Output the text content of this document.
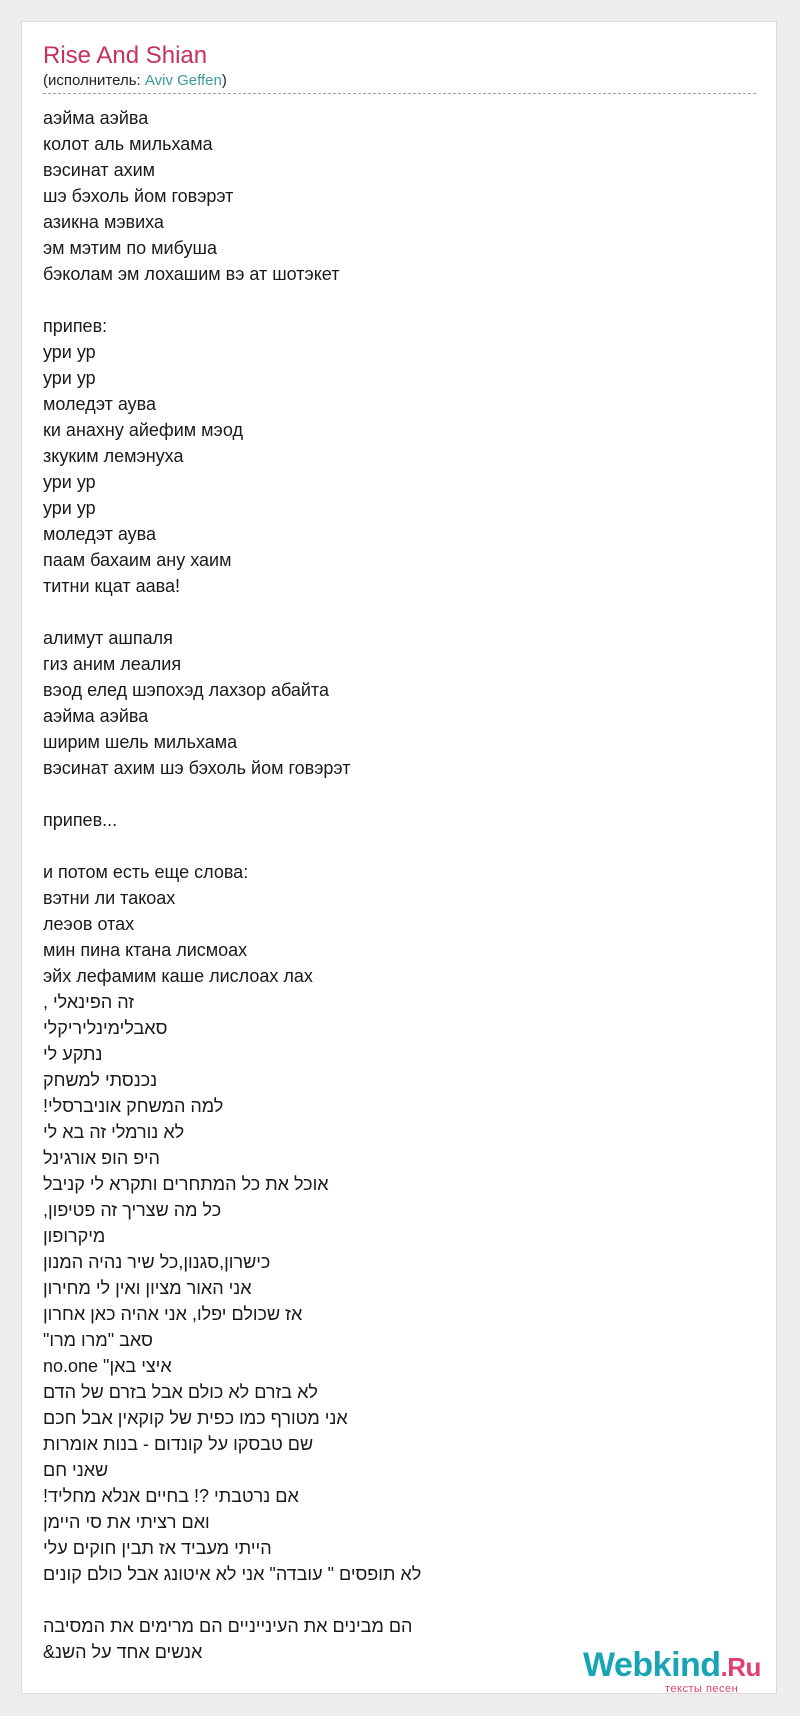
Rise And Shian
(исполнитель: Aviv Geffen)
аэйма аэйва
колот аль мильхама
вэсинат ахим
шэ бэхоль йом говэрэт
азикна мэвиха
эм мэтим по мибуша
бэколам эм лохашим вэ ат шотэкет
припев:
ури ур
ури ур
моледэт аува
ки анахну айефим мэод
зкуким лемэнуха
ури ур
ури ур
моледэт аува
паам бахаим ану хаим
титни кцат аава!
алимут ашпаля
гиз аним леалия
вэод елед шэпохэд лахзор абайта
аэйма аэйва
ширим шель мильхама
вэсинат ахим шэ бэхоль йом говэрэт
припев...
и потом есть еще слова:
вэтни ли такоах
леэов отах
мин пина ктана лисмоах
эйх лефамим каше лислоах лах
זה הפינאלי ,
סאבלימינליריקלי
נתקע לי
נכנסתי למשחק
למה המשחק אוניברסלי!
לא נורמלי זה בא לי
היפ הופ אורגינל
אוכל את כל המתחרים ותקרא לי קניבל
כל מה שצריך זה פטיפון,
מיקרופון
כישרון,סגנון,כל שיר נהיה המנון
אני האור מציון ואין לי מחירון
אז שכולם יפלו, אני אהיה כאן אחרון
סאב "מרו מרו"
no.one "איצי באן
לא בזרם לא כולם אבל בזרם של הדם
אני מטורף כמו כפית של קוקאין אבל חכם
שם טבסקו על קונדום - בנות אומרות
שאני חם
אם נרטבתי ?! בחיים אנלא מחליד!
ואם רציתי את סי היימן
הייתי מעביד אז תבין חוקים עלי
לא תופסים " עובדה" אני לא איטונג אבל כולם קונים
הם מבינים את העינייניים הם מרימים את המסיבה
אנשים אחד על השנ&	Webkind.Ru
тексты песен
